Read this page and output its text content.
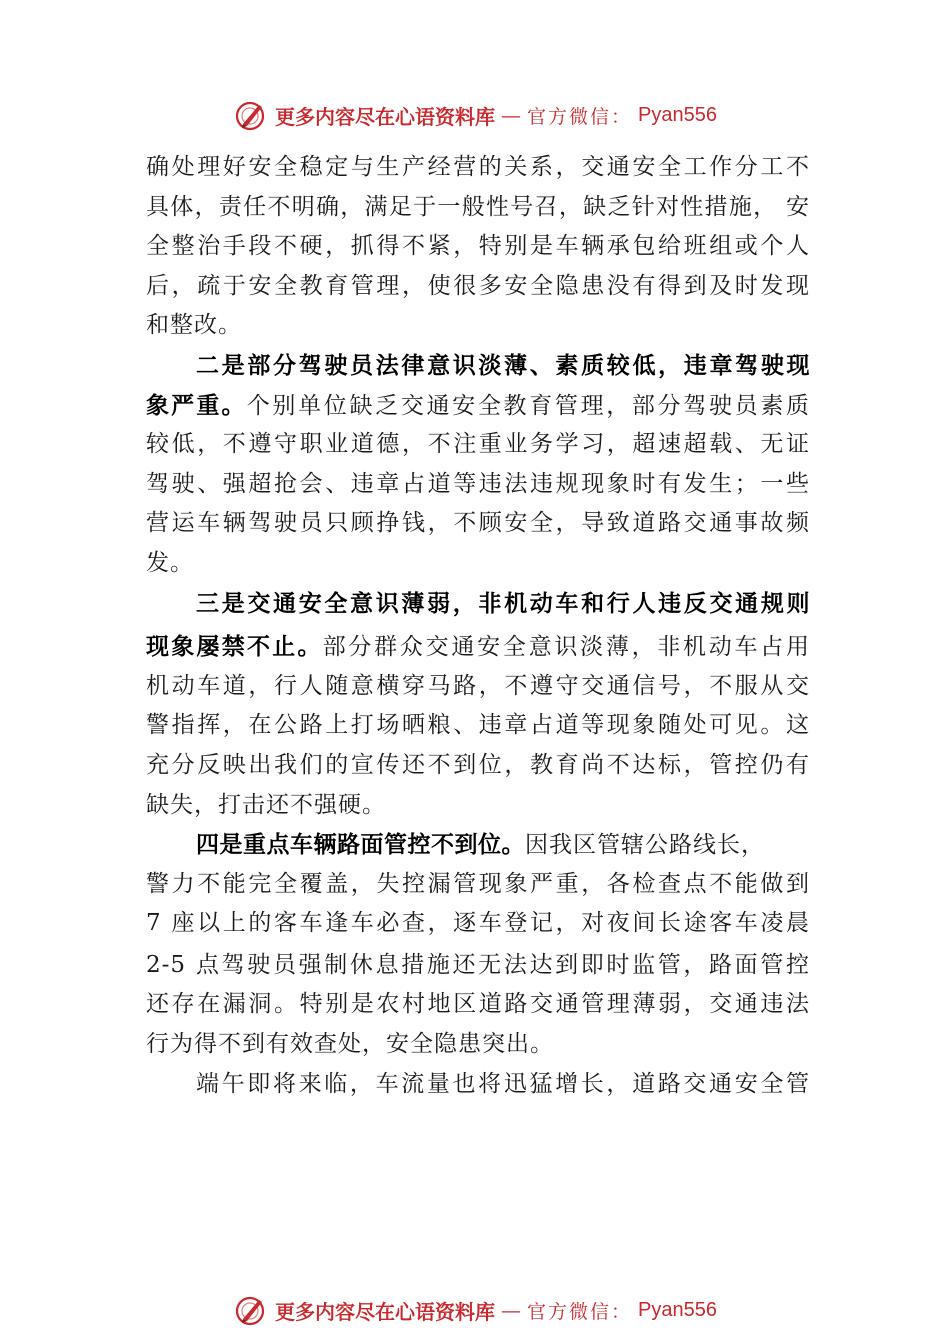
更多内容尽在心语资料库 — 官方微信： Pyan556
确处理好安全稳定与生产经营的关系，交通安全工作分工不
具体，责任不明确，满足于一般性号召，缺乏针对性措施， 安
全整治手段不硬，抓得不紧，特别是车辆承包给班组或个人
后，疏于安全教育管理，使很多安全隐患没有得到及时发现
和整改。
二是部分驾驶员法律意识淡薄、素质较低，违章驾驶现
象严重。个别单位缺乏交通安全教育管理，部分驾驶员素质
较低，不遵守职业道德，不注重业务学习，超速超载、无证
驾驶、强超抢会、违章占道等违法违规现象时有发生；一些
营运车辆驾驶员只顾挣钱，不顾安全，导致道路交通事故频
发。
三是交通安全意识薄弱，非机动车和行人违反交通规则
现象屡禁不止。部分群众交通安全意识淡薄，非机动车占用
机动车道，行人随意横穿马路，不遵守交通信号，不服从交
警指挥，在公路上打场晒粮、违章占道等现象随处可见。这
充分反映出我们的宣传还不到位，教育尚不达标，管控仍有
缺失，打击还不强硬。
四是重点车辆路面管控不到位。因我区管辖公路线长，
警力不能完全覆盖，失控漏管现象严重，各检查点不能做到
7 座以上的客车逢车必查，逐车登记，对夜间长途客车凌晨
2-5 点驾驶员强制休息措施还无法达到即时监管，路面管控
还存在漏洞。特别是农村地区道路交通管理薄弱，交通违法
行为得不到有效查处，安全隐患突出。
端午即将来临，车流量也将迅猛增长，道路交通安全管
更多内容尽在心语资料库 — 官方微信： Pyan556
